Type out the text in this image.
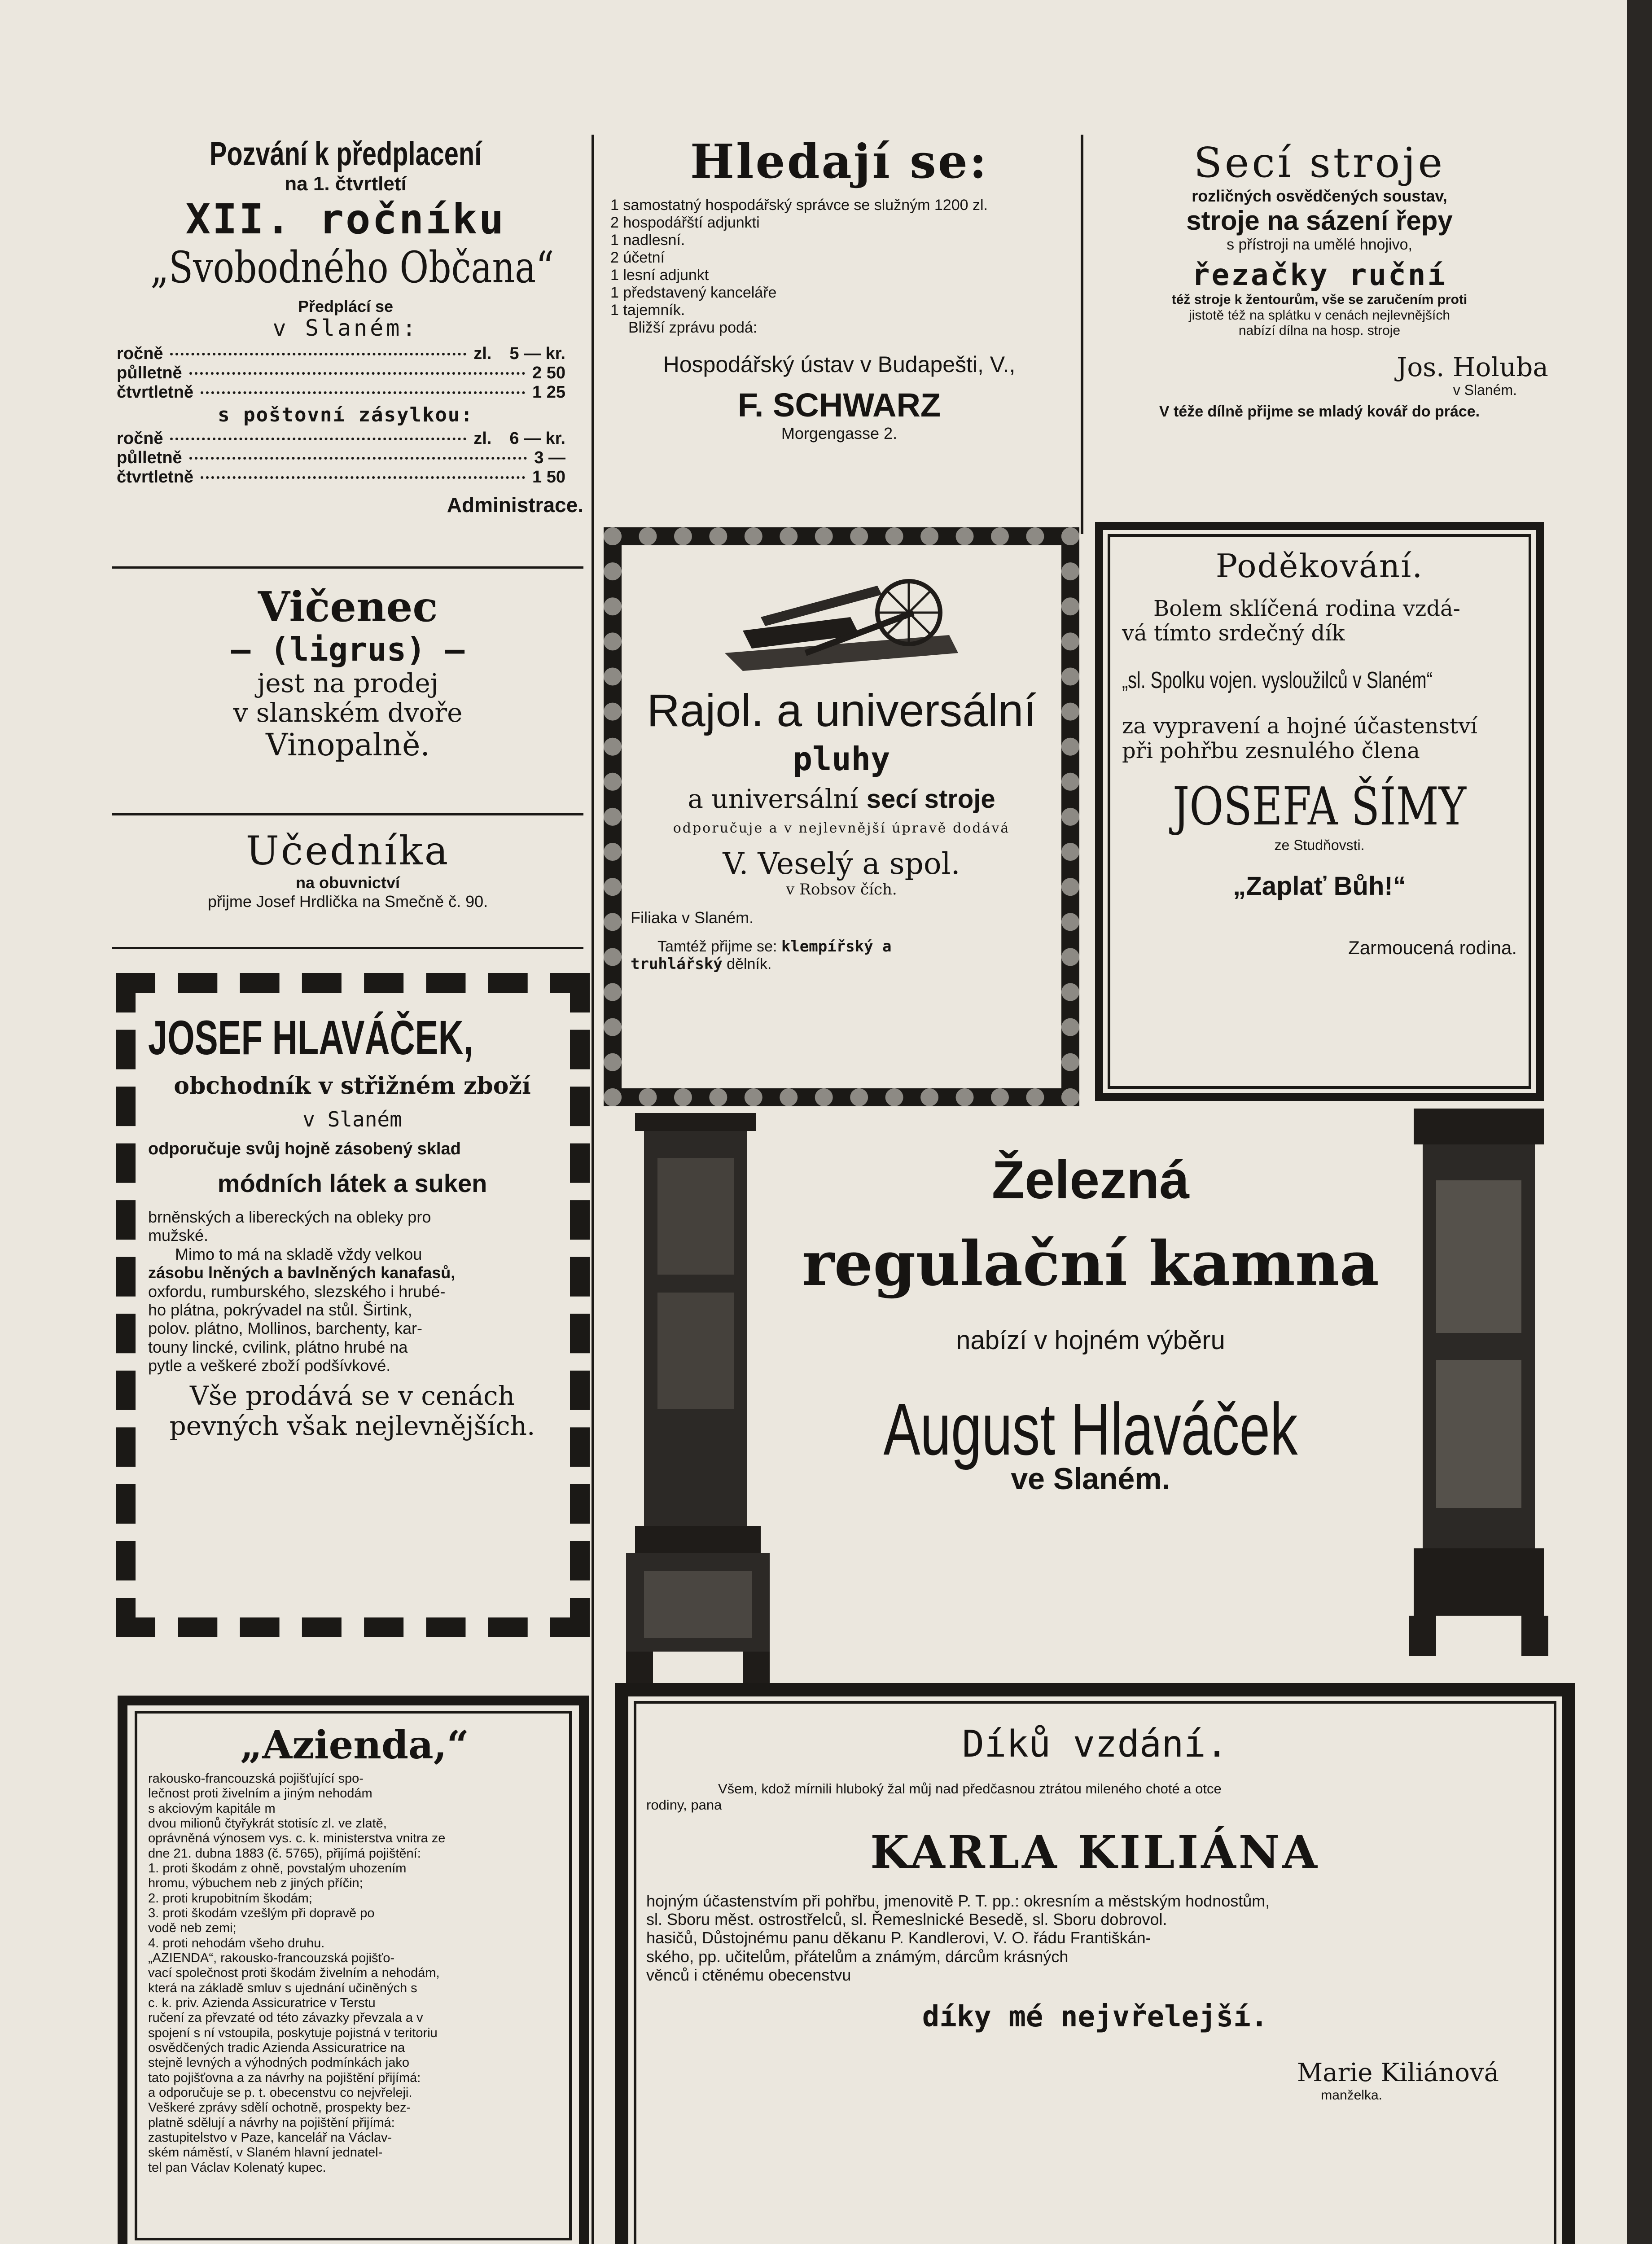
Pozvání k předplacení

na 1. čtvrtletí

XII. ročníku

„Svobodného Občana“

Předplácí se

v Slaném:

ročně	zl. 5 — kr.
půlletně	2 50
čtvrtletně	1 25

s poštovní zásylkou:

ročně	zl. 6 — kr.
půlletně	3 —
čtvrtletně	1 50

Administrace.

Vičenec

— (ligrus) —

jest na prodej

v slanském dvoře

Vinopalně.

Učedníka

na obuvnictví

přijme Josef Hrdlička na Smečně č. 90.

JOSEF HLAVÁČEK,

obchodník v střižném zboží

v Slaném

odporučuje svůj hojně zásobený sklad

módních látek a suken

brněnských a libereckých na obleky pro

mužské.

Mimo to má na skladě vždy velkou

zásobu lněných a bavlněných kanafasů,

oxfordu, rumburského, slezského i hrubé-

ho plátna, pokrývadel na stůl. Širtink,

polov. plátno, Mollinos, barchenty, kar-

touny lincké, cvilink, plátno hrubé na

pytle a veškeré zboží podšívkové.

Vše prodává se v cenách

pevných však nejlevnějších.

„Azienda,“

rakousko-francouzská pojišťující spo-

lečnost proti živelním a jiným nehodám

s akciovým kapitále m

dvou milionů čtyřykrát stotisíc zl. ve zlatě,

oprávněná výnosem vys. c. k. ministerstva vnitra ze

dne 21. dubna 1883 (č. 5765), přijímá pojištění:

1. proti škodám z ohně, povstalým uhozením

hromu, výbuchem neb z jiných příčin;

2. proti krupobitním škodám;

3. proti škodám vzešlým při dopravě po

vodě neb zemi;

4. proti nehodám všeho druhu.

„AZIENDA“, rakousko-francouzská pojišťo-

vací společnost proti škodám živelním a nehodám,

která na základě smluv s ujednání učiněných s

c. k. priv. Azienda Assicuratrice v Terstu

ručení za převzaté od této závazky převzala a v

spojení s ní vstoupila, poskytuje pojistná v teritoriu

osvědčených tradic Azienda Assicuratrice na

stejně levných a výhodných podmínkách jako

tato pojišťovna a za návrhy na pojištění přijímá:

a odporučuje se p. t. obecenstvu co nejvřeleji.

Veškeré zprávy sdělí ochotně, prospekty bez-

platně sdělují a návrhy na pojištění přijímá:

zastupitelstvo v Paze, kancelář na Václav-

ském náměstí, v Slaném hlavní jednatel-

tel pan Václav Kolenatý kupec.

Hledají se:

1 samostatný hospodářský správce se služným 1200 zl.

2 hospodářští adjunkti

1 nadlesní.

2 účetní

1 lesní adjunkt

1 představený kanceláře

1 tajemník.

Bližší zprávu podá:

Hospodářský ústav v Budapešti, V.,

F. SCHWARZ

Morgengasse 2.

Rajol. a universální

pluhy

a universální secí stroje

odporučuje a v nejlevnější úpravě dodává

V. Veselý a spol.

v Robsov čích.

Filiaka v Slaném.

Tamtéž přijme se: klempířský a

truhlářský dělník.

Secí stroje

rozličných osvědčených soustav,

stroje na sázení řepy

s přístroji na umělé hnojivo,

řezačky ruční

též stroje k žentourům, vše se zaručením proti

jistotě též na splátku v cenách nejlevnějších

nabízí dílna na hosp. stroje

Jos. Holuba

v Slaném.

V téže dílně přijme se mladý kovář do práce.

Poděkování.

Bolem sklíčená rodina vzdá-

vá tímto srdečný dík

„sl. Spolku vojen. vysloužilců v Slaném“

za vypravení a hojné účastenství

při pohřbu zesnulého člena

JOSEFA ŠÍMY

ze Studňovsti.

„Zaplať Bůh!“

Zarmoucená rodina.

Železná

regulační kamna

nabízí v hojném výběru

August Hlaváček

ve Slaném.

Díků vzdání.

Všem, kdož mírnili hluboký žal můj nad předčasnou ztrátou mileného choté a otce

rodiny, pana

KARLA KILIÁNA

hojným účastenstvím při pohřbu, jmenovitě P. T. pp.: okresním a městským hodnostům,

sl. Sboru měst. ostrostřelců, sl. Řemeslnické Besedě, sl. Sboru dobrovol.

hasičů, Důstojnému panu děkanu P. Kandlerovi, V. O. řádu Františkán-

ského, pp. učitelům, přátelům a známým, dárcům krásných

věnců i ctěnému obecenstvu

díky mé nejvřelejší.

Marie Kiliánová

manželka.
